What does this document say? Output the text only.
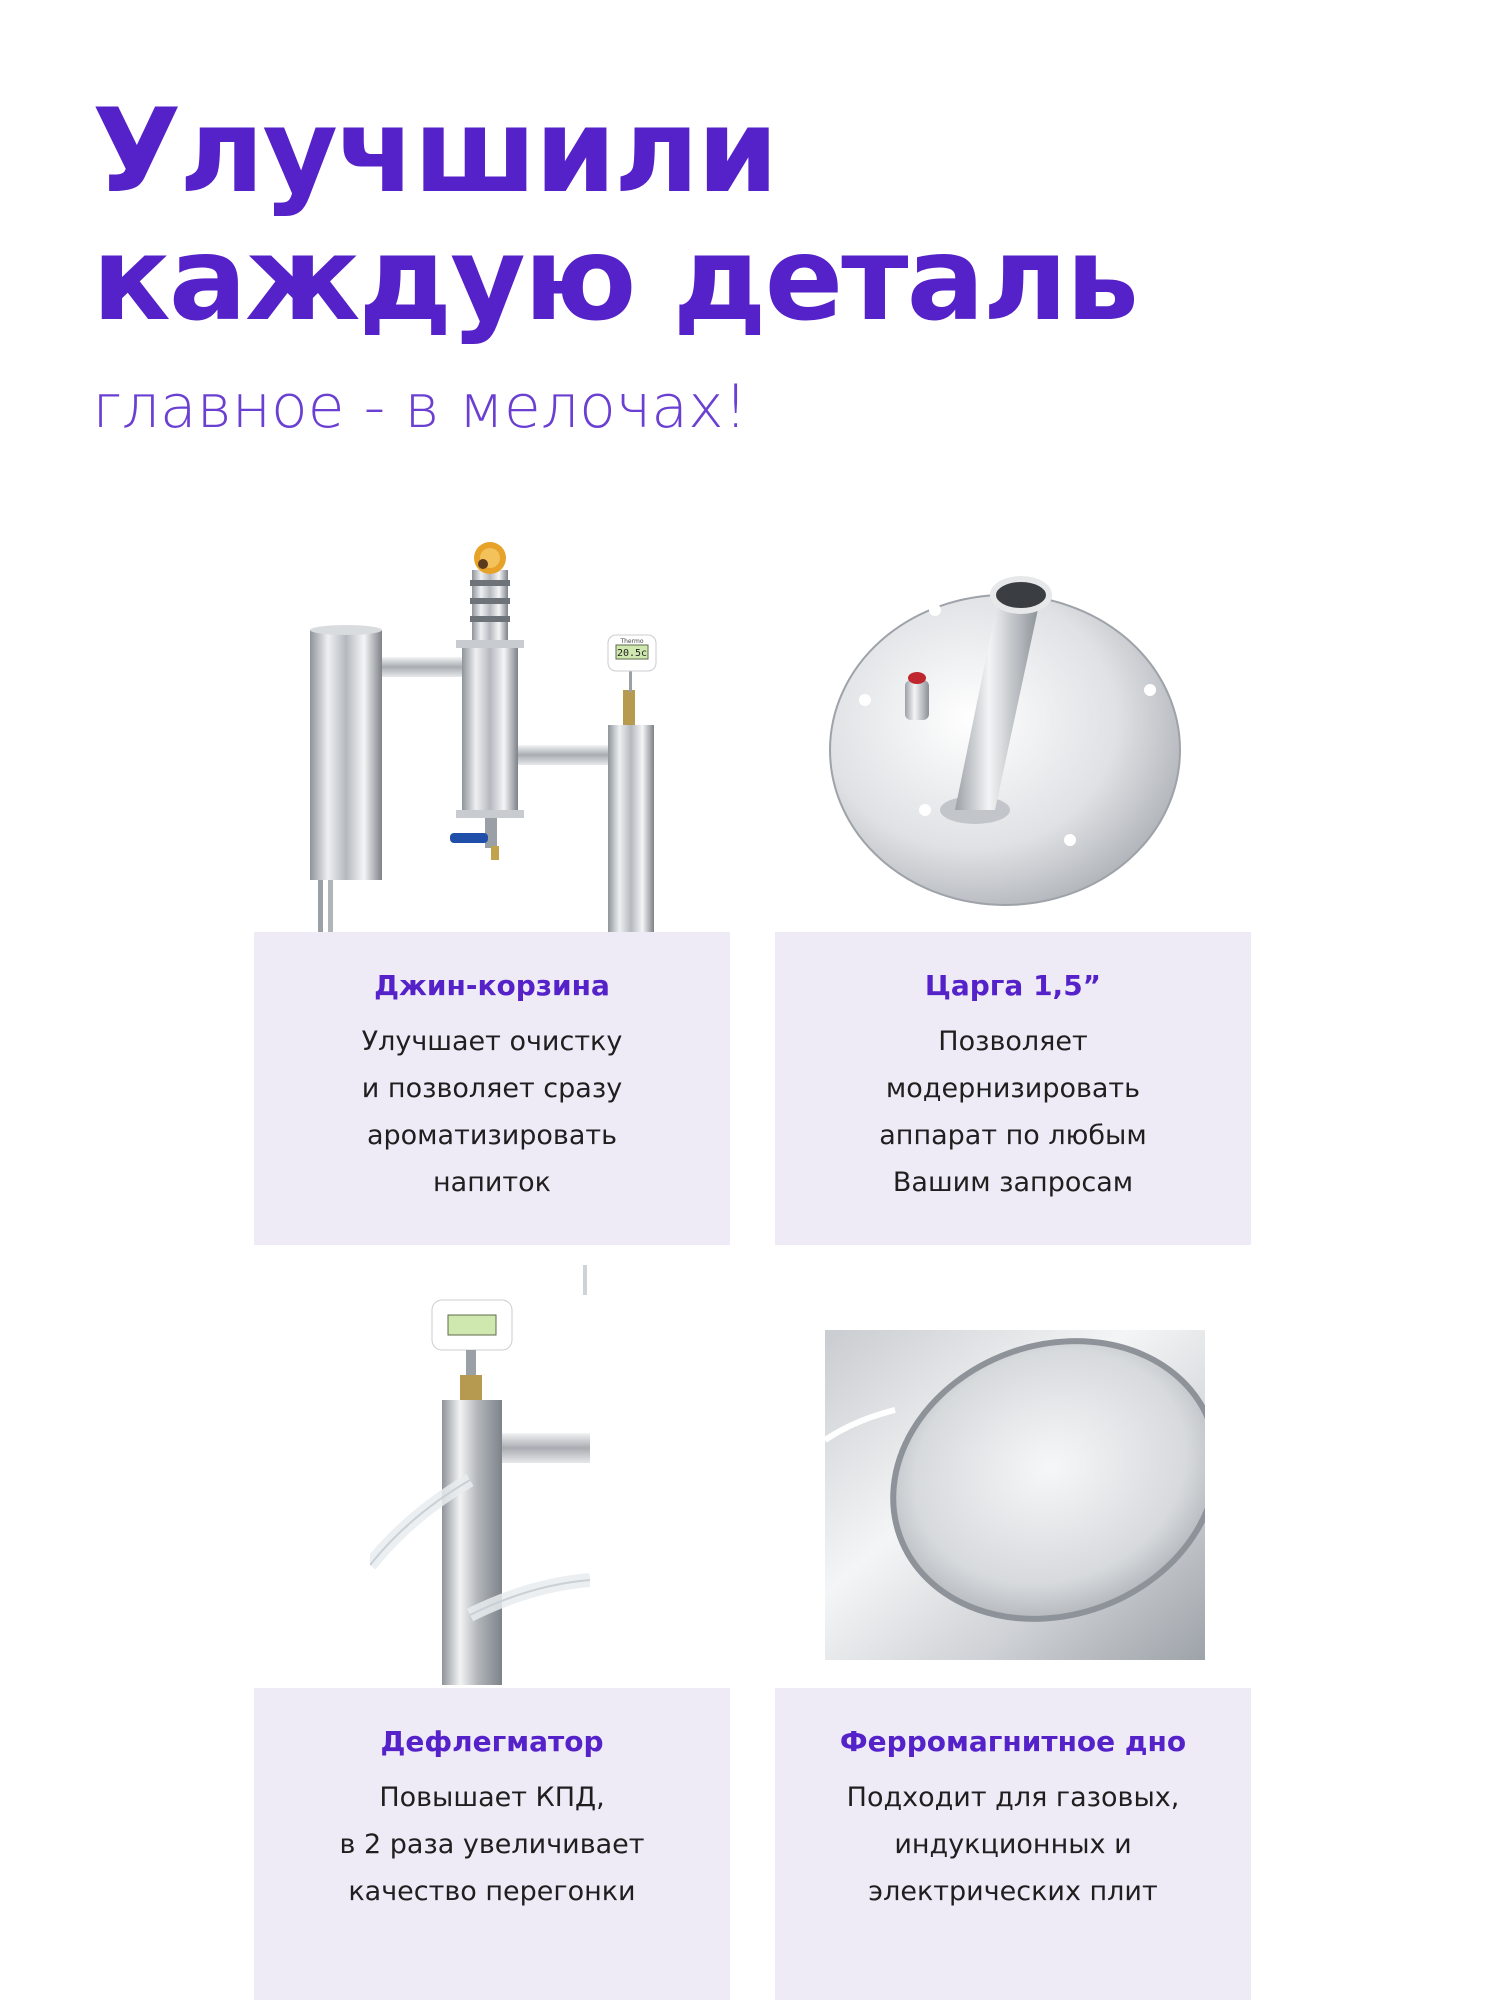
Улучшили
каждую деталь

главное - в мелочах!

20.5c
Thermo
Джин-корзина
Улучшает очистку
и позволяет сразу
ароматизировать
напиток
Царга 1,5”
Позволяет
модернизировать
аппарат по любым
Вашим запросам
Дефлегматор
Повышает КПД,
в 2 раза увеличивает
качество перегонки
Ферромагнитное дно
Подходит для газовых,
индукционных и
электрических плит
